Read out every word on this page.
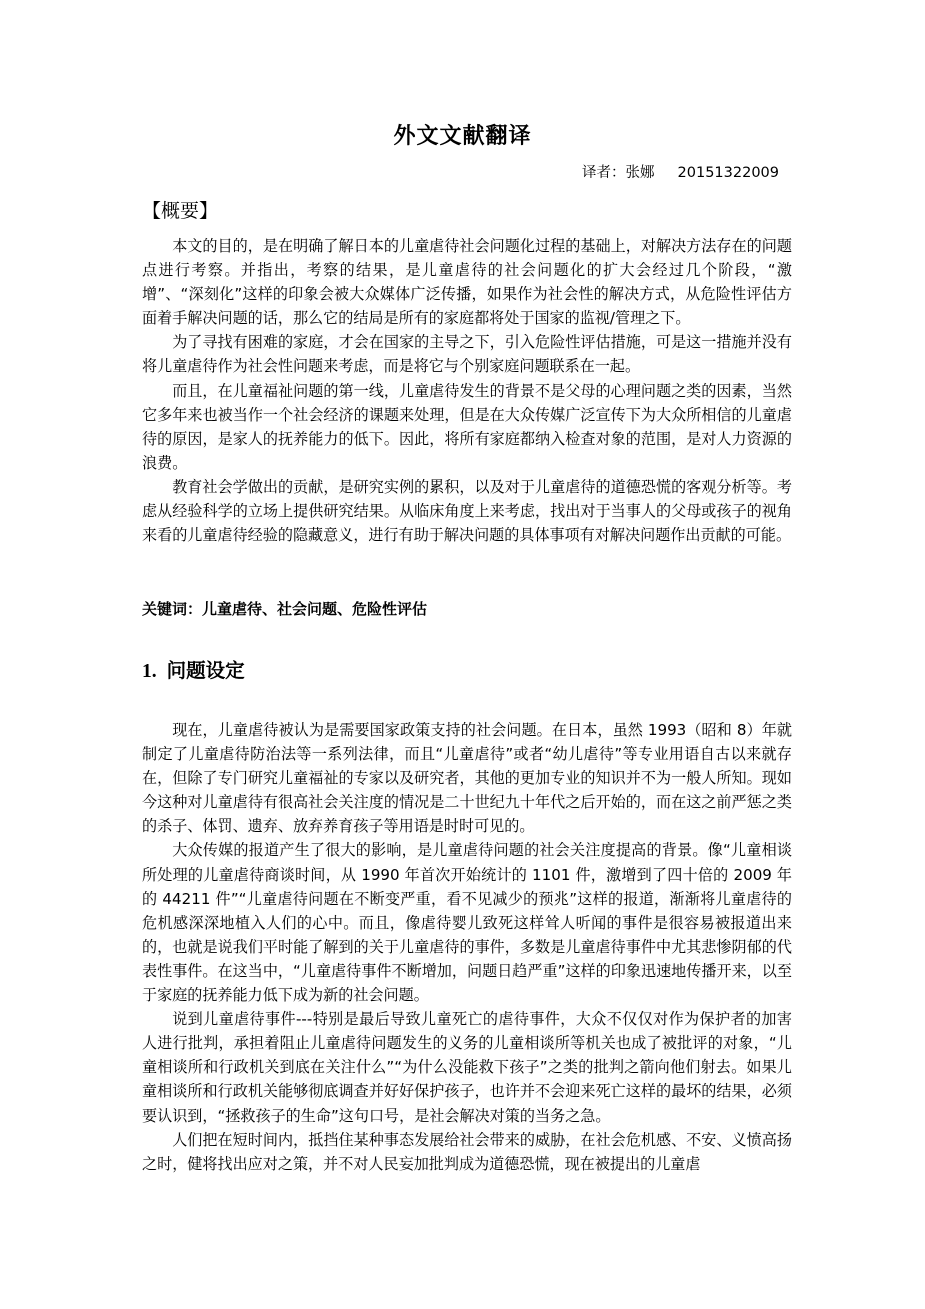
外文文献翻译
译者：张娜     20151322009
【概要】

本文的目的，是在明确了解日本的儿童虐待社会问题化过程的基础上，对解决方法存在的问题点进行考察。并指出，考察的结果，是儿童虐待的社会问题化的扩大会经过几个阶段，“激增”、“深刻化”这样的印象会被大众媒体广泛传播，如果作为社会性的解决方式，从危险性评估方面着手解决问题的话，那么它的结局是所有的家庭都将处于国家的监视/管理之下。

为了寻找有困难的家庭，才会在国家的主导之下，引入危险性评估措施，可是这一措施并没有将儿童虐待作为社会性问题来考虑，而是将它与个别家庭问题联系在一起。

而且，在儿童福祉问题的第一线，儿童虐待发生的背景不是父母的心理问题之类的因素，当然它多年来也被当作一个社会经济的课题来处理，但是在大众传媒广泛宣传下为大众所相信的儿童虐待的原因，是家人的抚养能力的低下。因此，将所有家庭都纳入检查对象的范围，是对人力资源的浪费。

教育社会学做出的贡献，是研究实例的累积，以及对于儿童虐待的道德恐慌的客观分析等。考虑从经验科学的立场上提供研究结果。从临床角度上来考虑，找出对于当事人的父母或孩子的视角来看的儿童虐待经验的隐藏意义，进行有助于解决问题的具体事项有对解决问题作出贡献的可能。

关键词：儿童虐待、社会问题、危险性评估
1. 问题设定

现在，儿童虐待被认为是需要国家政策支持的社会问题。在日本，虽然 1993（昭和 8）年就制定了儿童虐待防治法等一系列法律，而且“儿童虐待”或者“幼儿虐待”等专业用语自古以来就存在，但除了专门研究儿童福祉的专家以及研究者，其他的更加专业的知识并不为一般人所知。现如今这种对儿童虐待有很高社会关注度的情况是二十世纪九十年代之后开始的，而在这之前严惩之类的杀子、体罚、遗弃、放弃养育孩子等用语是时时可见的。

大众传媒的报道产生了很大的影响，是儿童虐待问题的社会关注度提高的背景。像“儿童相谈所处理的儿童虐待商谈时间，从 1990 年首次开始统计的 1101 件，激增到了四十倍的 2009 年的 44211 件”“儿童虐待问题在不断变严重，看不见减少的预兆”这样的报道，渐渐将儿童虐待的危机感深深地植入人们的心中。而且，像虐待婴儿致死这样耸人听闻的事件是很容易被报道出来的，也就是说我们平时能了解到的关于儿童虐待的事件，多数是儿童虐待事件中尤其悲惨阴郁的代表性事件。在这当中，“儿童虐待事件不断增加，问题日趋严重”这样的印象迅速地传播开来，以至于家庭的抚养能力低下成为新的社会问题。

说到儿童虐待事件---特别是最后导致儿童死亡的虐待事件，大众不仅仅对作为保护者的加害人进行批判，承担着阻止儿童虐待问题发生的义务的儿童相谈所等机关也成了被批评的对象，“儿童相谈所和行政机关到底在关注什么”“为什么没能救下孩子”之类的批判之箭向他们射去。如果儿童相谈所和行政机关能够彻底调查并好好保护孩子，也许并不会迎来死亡这样的最坏的结果，必须要认识到，“拯救孩子的生命”这句口号，是社会解决对策的当务之急。

人们把在短时间内，抵挡住某种事态发展给社会带来的威胁，在社会危机感、不安、义愤高扬之时，健将找出应对之策，并不对人民妄加批判成为道德恐慌，现在被提出的儿童虐
